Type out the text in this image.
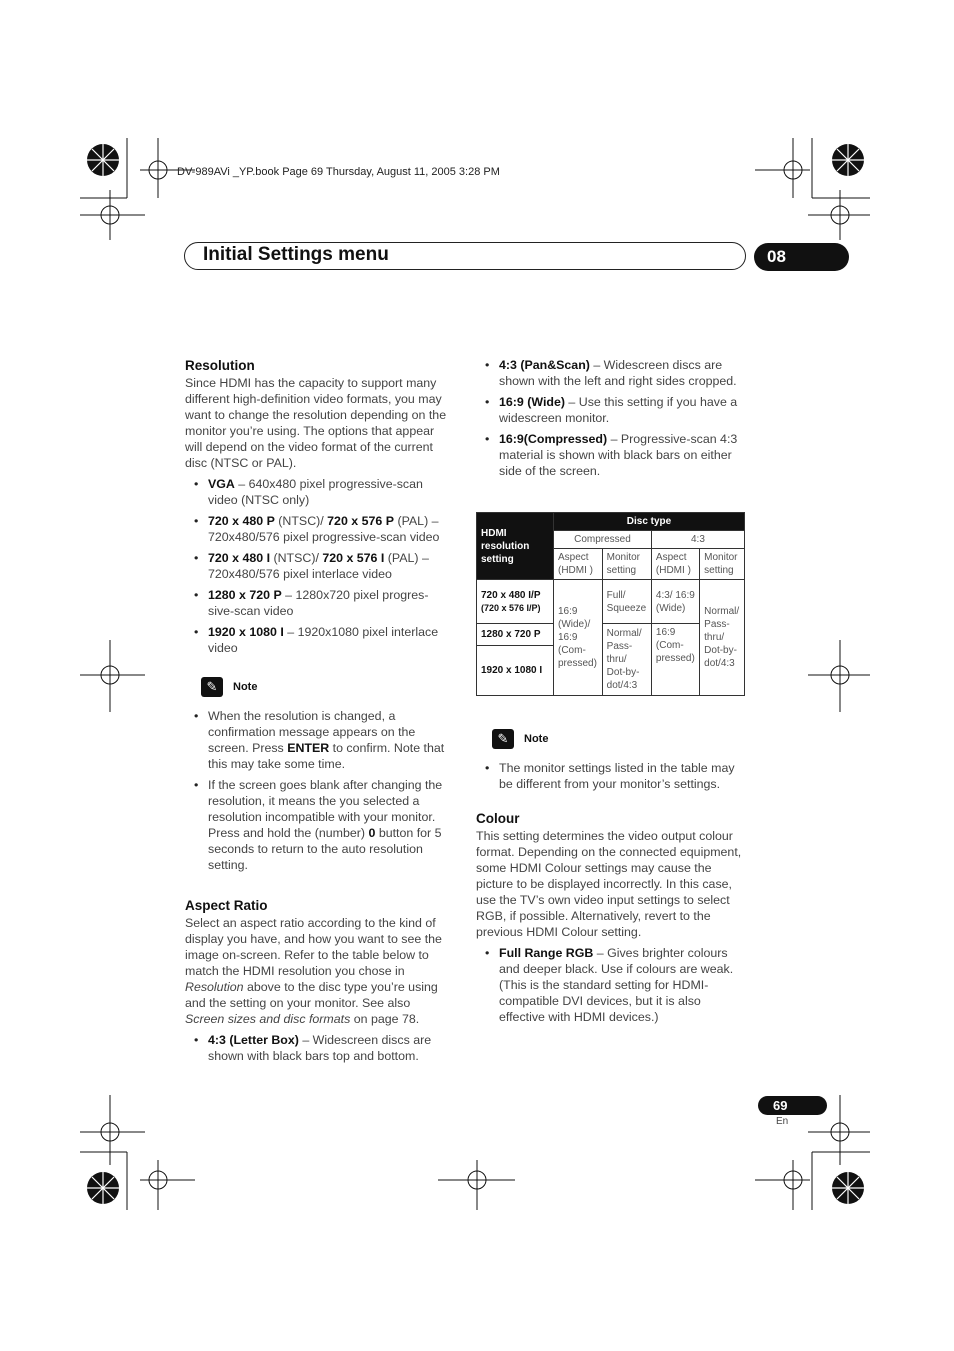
DV-989AVi _YP.book Page 69 Thursday, August 11, 2005 3:28 PM
Initial Settings menu	08
Resolution

Since HDMI has the capacity to support many different high-definition video formats, you may want to change the resolution depending on the monitor you’re using. The options that appear will depend on the video format of the current disc (NTSC or PAL).

• VGA – 640x480 pixel progressive-scan video (NTSC only)
• 720 x 480 P (NTSC)/ 720 x 576 P (PAL) – 720x480/576 pixel progressive-scan video
• 720 x 480 I (NTSC)/ 720 x 576 I (PAL) – 720x480/576 pixel interlace video
• 1280 x 720 P – 1280x720 pixel progres-sive-scan video
• 1920 x 1080 I – 1920x1080 pixel interlace video
✎	Note
• When the resolution is changed, a confirmation message appears on the screen. Press ENTER to confirm. Note that this may take some time.
• If the screen goes blank after changing the resolution, it means the you selected a resolution incompatible with your monitor. Press and hold the (number) 0 button for 5 seconds to return to the auto resolution setting.
Aspect Ratio

Select an aspect ratio according to the kind of display you have, and how you want to see the image on-screen. Refer to the table below to match the HDMI resolution you chose in Resolution above to the disc type you’re using and the setting on your monitor. See also Screen sizes and disc formats on page 78.

• 4:3 (Letter Box) – Widescreen discs are shown with black bars top and bottom.
• 4:3 (Pan&Scan) – Widescreen discs are shown with the left and right sides cropped.
• 16:9 (Wide) – Use this setting if you have a widescreen monitor.
• 16:9(Compressed) – Progressive-scan 4:3 material is shown with black bars on either side of the screen.
HDMI resolution setting	Disc type			
	Compressed		4:3	
	Aspect (HDMI )	Monitor setting	Aspect (HDMI )	Monitor setting
720 x 480 I/P
(720 x 576 I/P)	16:9 (Wide)/ 16:9 (Com-pressed)	Full/ Squeeze	4:3/ 16:9 (Wide)	Normal/ Pass-thru/ Dot-by-dot/4:3
1280 x 720 P		Normal/ Pass-thru/ Dot-by-dot/4:3	16:9 (Com-pressed)	
1920 x 1080 I				
✎	Note
• The monitor settings listed in the table may be different from your monitor’s settings.
Colour

This setting determines the video output colour format. Depending on the connected equipment, some HDMI Colour settings may cause the picture to be displayed incorrectly. In this case, use the TV’s own video input settings to select RGB, if possible. Alternatively, revert to the previous HDMI Colour setting.

• Full Range RGB – Gives brighter colours and deeper black. Use if colours are weak. (This is the standard setting for HDMI-compatible DVI devices, but it is also effective with HDMI devices.)
69
En
